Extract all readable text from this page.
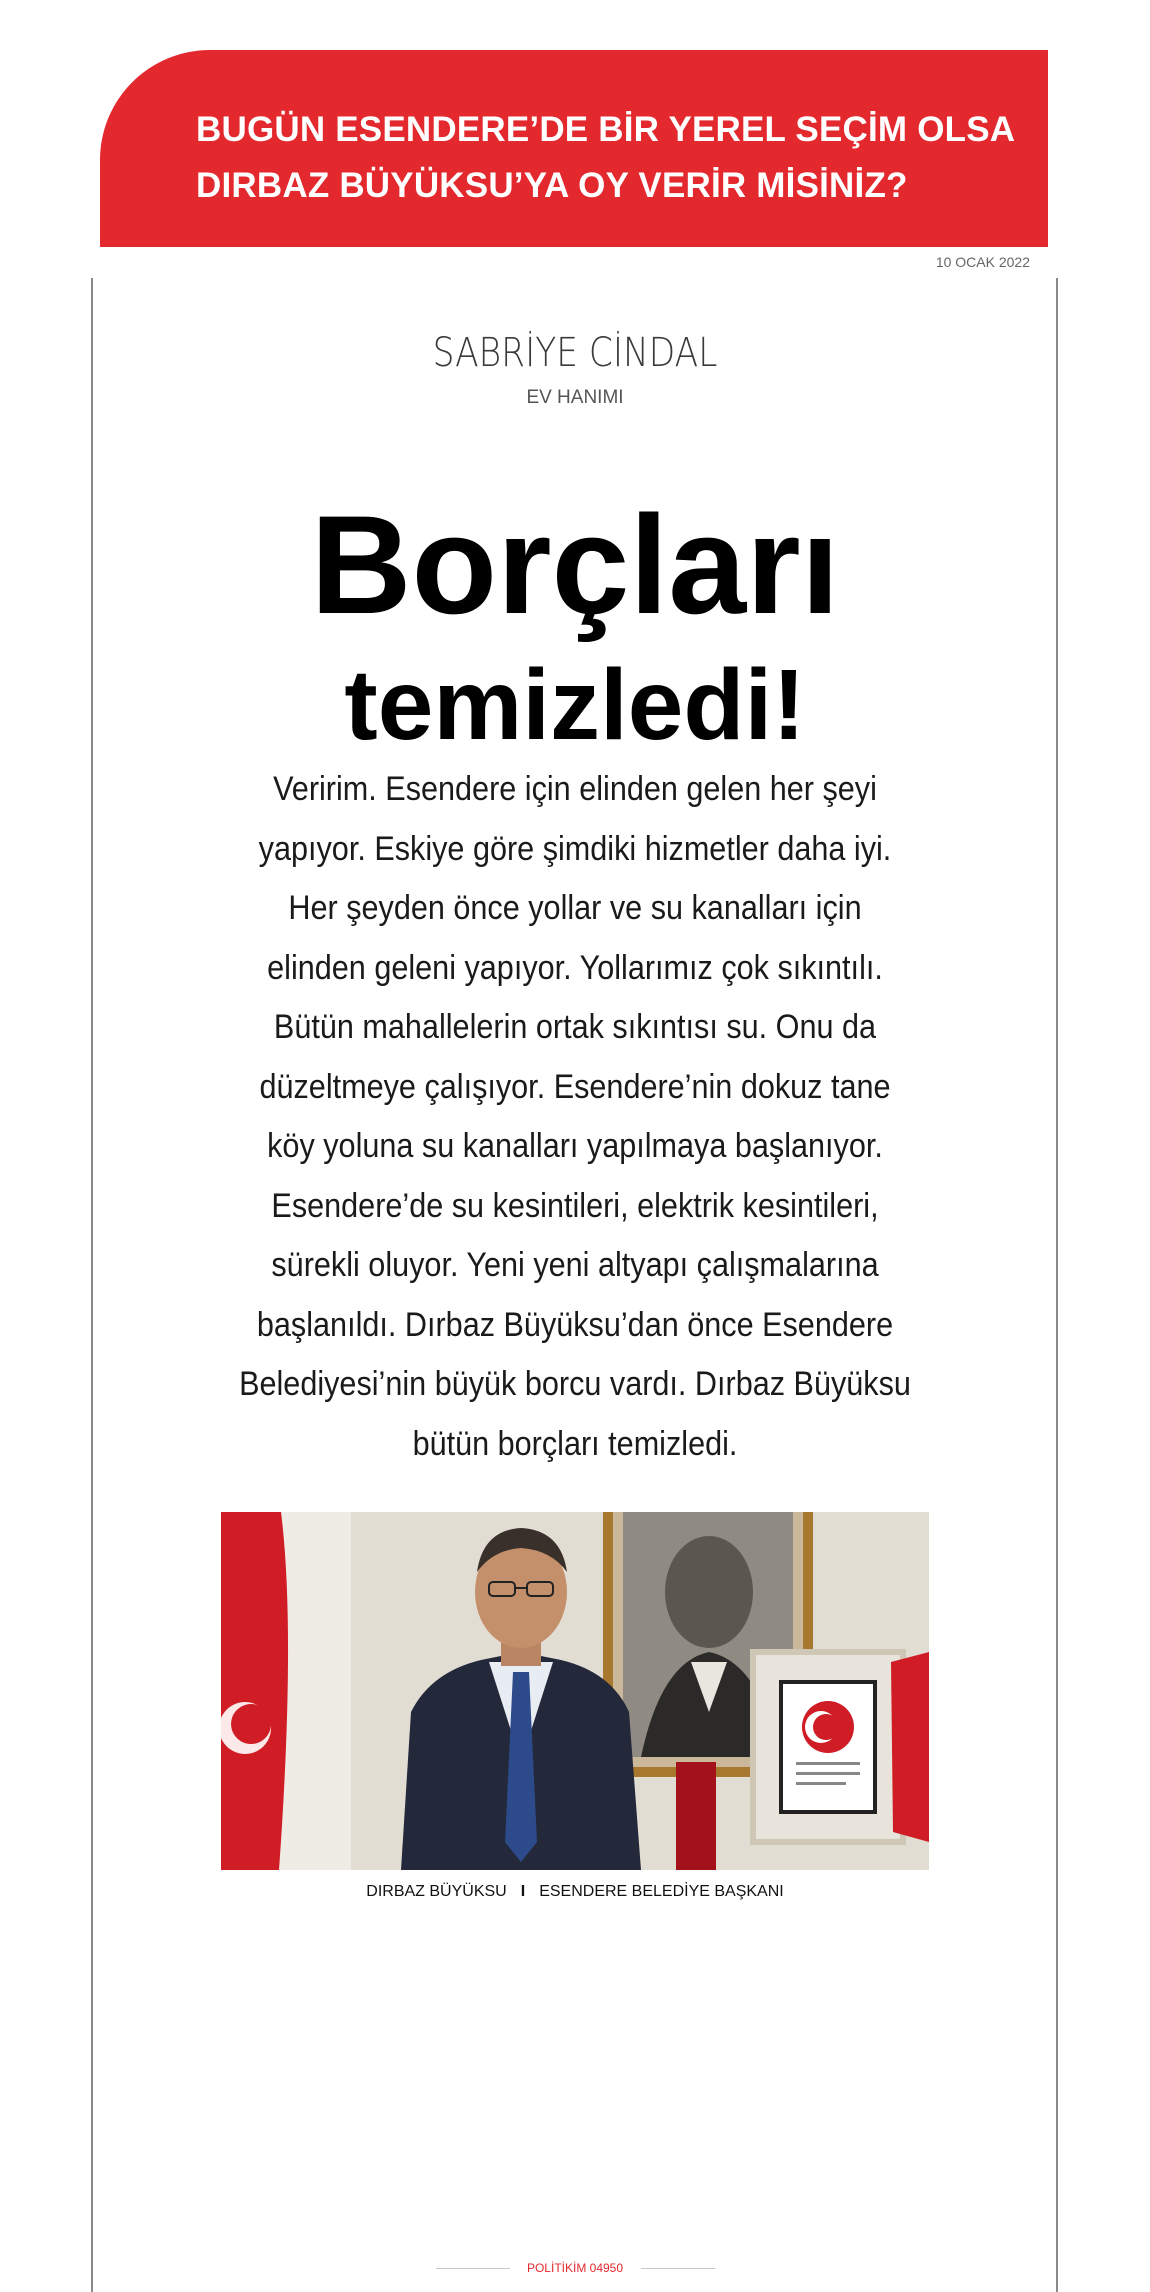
BUGÜN ESENDERE’DE BİR YEREL SEÇİM OLSA
DIRBAZ BÜYÜKSU’YA OY VERİR MİSİNİZ?
10 OCAK 2022
SABRİYE CİNDAL
EV HANIMI
Borçları
temizledi!
Veririm. Esendere için elinden gelen her şeyi yapıyor. Eskiye göre şimdiki hizmetler daha iyi. Her şeyden önce yollar ve su kanalları için elinden geleni yapıyor. Yollarımız çok sıkıntılı. Bütün mahallelerin ortak sıkıntısı su. Onu da düzeltmeye çalışıyor. Esendere’nin dokuz tane köy yoluna su kanalları yapılmaya başlanıyor. Esendere’de su kesintileri, elektrik kesintileri, sürekli oluyor. Yeni yeni altyapı çalışmalarına başlanıldı. Dırbaz Büyüksu’dan önce Esendere Belediyesi’nin büyük borcu vardı. Dırbaz Büyüksu bütün borçları temizledi.
DIRBAZ BÜYÜKSU I ESENDERE BELEDİYE BAŞKANI
POLİTİKİM 04950
